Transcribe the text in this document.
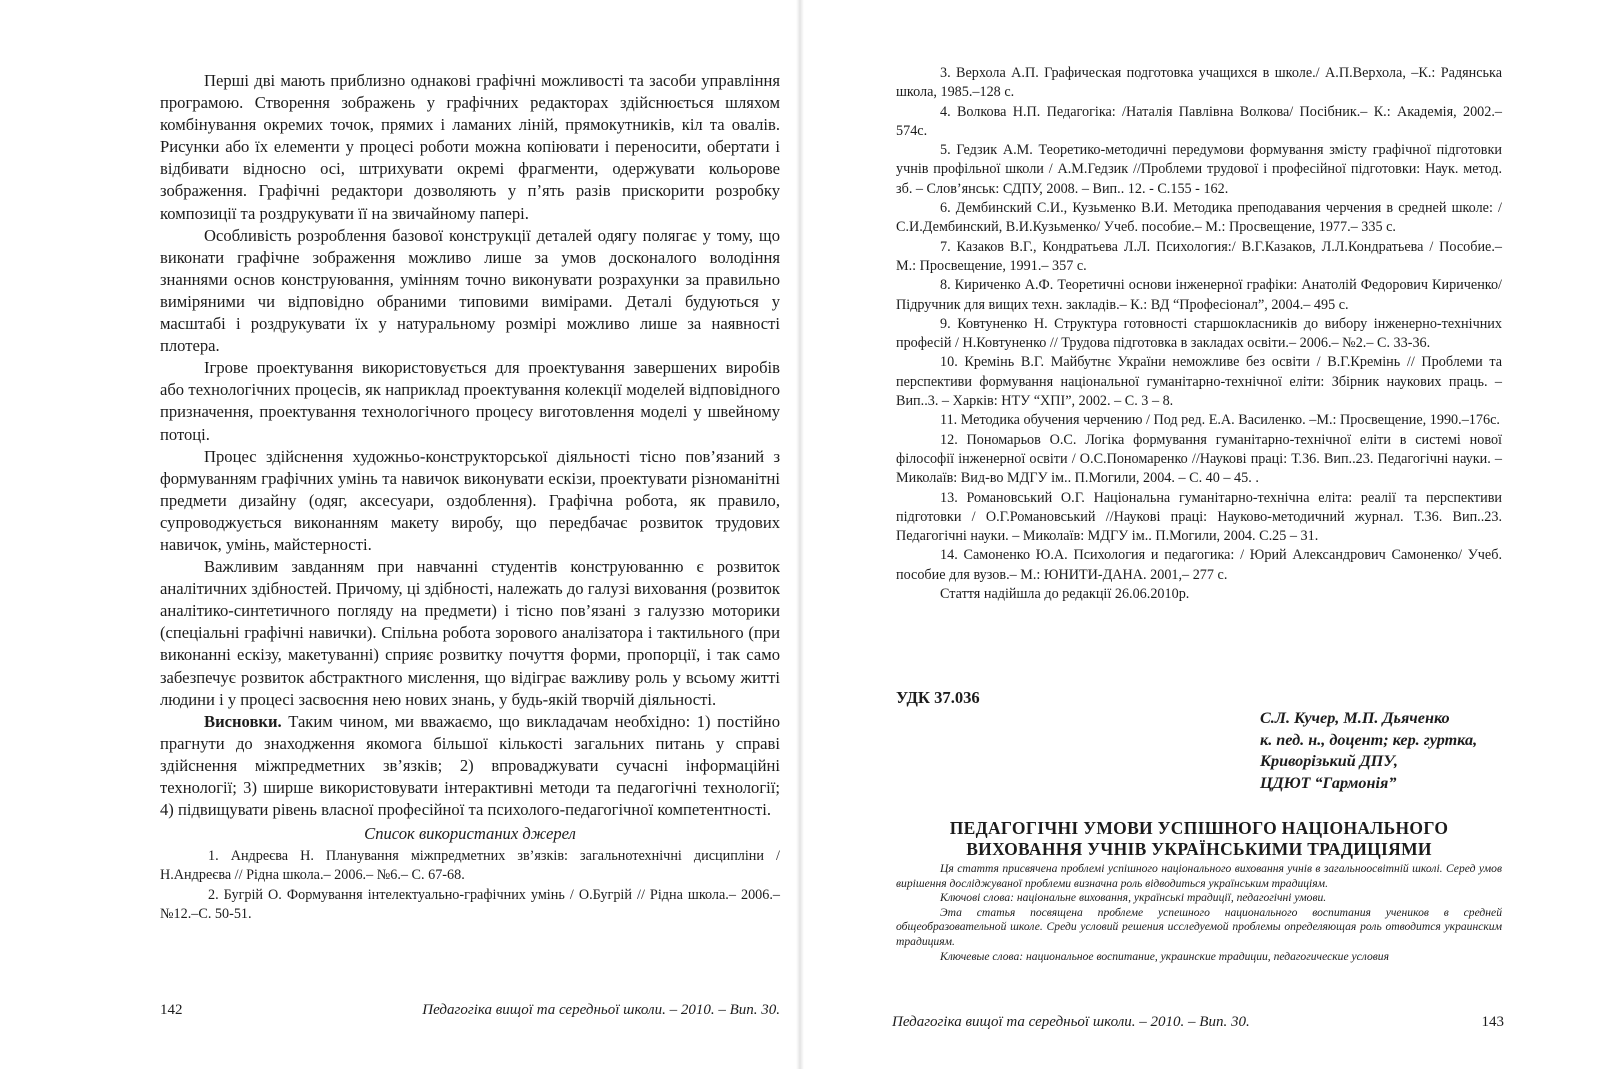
Перші дві мають приблизно однакові графічні можливості та засоби управління програмою. Створення зображень у графічних редакторах здійснюється шляхом комбінування окремих точок, прямих і ламаних ліній, прямокутників, кіл та овалів. Рисунки або їх елементи у процесі роботи можна копіювати і переносити, обертати і відбивати відносно осі, штрихувати окремі фрагменти, одержувати кольорове зображення. Графічні редактори дозволяють у п’ять разів прискорити розробку композиції та роздрукувати її на звичайному папері.

Особливість розроблення базової конструкції деталей одягу полягає у тому, що виконати графічне зображення можливо лише за умов досконалого володіння знаннями основ конструювання, умінням точно виконувати розрахунки за правильно виміряними чи відповідно обраними типовими вимірами. Деталі будуються у масштабі і роздрукувати їх у натуральному розмірі можливо лише за наявності плотера.

Ігрове проектування використовується для проектування завершених виробів або технологічних процесів, як наприклад проектування колекції моделей відповідного призначення, проектування технологічного процесу виготовлення моделі у швейному потоці.

Процес здійснення художньо-конструкторської діяльності тісно пов’язаний з формуванням графічних умінь та навичок виконувати ескізи, проектувати різноманітні предмети дизайну (одяг, аксесуари, оздоблення). Графічна робота, як правило, супроводжується виконанням макету виробу, що передбачає розвиток трудових навичок, умінь, майстерності.

Важливим завданням при навчанні студентів конструюванню є розвиток аналітичних здібностей. Причому, ці здібності, належать до галузі виховання (розвиток аналітико-синтетичного погляду на предмети) і тісно пов’язані з галуззю моторики (спеціальні графічні навички). Спільна робота зорового аналізатора і тактильного (при виконанні ескізу, макетуванні) сприяє розвитку почуття форми, пропорції, і так само забезпечує розвиток абстрактного мислення, що відіграє важливу роль у всьому житті людини і у процесі засвоєння нею нових знань, у будь-якій творчій діяльності.

Висновки. Таким чином, ми вважаємо, що викладачам необхідно: 1) постійно прагнути до знаходження якомога більшої кількості загальних питань у справі здійснення міжпредметних зв’язків; 2) впроваджувати сучасні інформаційні технології; 3) ширше використовувати інтерактивні методи та педагогічні технології; 4) підвищувати рівень власної професійної та психолого-педагогічної компетентності.

Список використаних джерел

1. Андреєва Н. Планування міжпредметних зв’язків: загальнотехнічні дисципліни / Н.Андреєва // Рідна школа.– 2006.– №6.– С. 67-68.

2. Бугрій О. Формування інтелектуально-графічних умінь / О.Бугрій // Рідна школа.– 2006.– №12.–С. 50-51.

142	Педагогіка вищої та середньої школи. – 2010. – Вип. 30.

3. Верхола А.П. Графическая подготовка учащихся в школе./ А.П.Верхола, –К.: Радянська школа, 1985.–128 с.

4. Волкова Н.П. Педагогіка: /Наталія Павлівна Волкова/ Посібник.– К.: Академія, 2002.– 574с.

5. Гедзик А.М. Теоретико-методичні передумови формування змісту графічної підготовки учнів профільної школи / А.М.Гедзик //Проблеми трудової і професійної підготовки: Наук. метод. зб. – Слов’янськ: СДПУ, 2008. – Вип.. 12. - С.155 - 162.

6. Дембинский С.И., Кузьменко В.И. Методика преподавания черчения в средней школе: / С.И.Дембинский, В.И.Кузьменко/ Учеб. пособие.– М.: Просвещение, 1977.– 335 с.

7. Казаков В.Г., Кондратьева Л.Л. Психология:/ В.Г.Казаков, Л.Л.Кондратьева / Пособие.– М.: Просвещение, 1991.– 357 с.

8. Кириченко А.Ф. Теоретичні основи інженерної графіки: Анатолій Федорович Кириченко/ Підручник для вищих техн. закладів.– К.: ВД “Професіонал”, 2004.– 495 с.

9. Ковтуненко Н. Структура готовності старшокласників до вибору інженерно-технічних професій / Н.Ковтуненко // Трудова підготовка в закладах освіти.– 2006.– №2.– С. 33-36.

10. Кремінь В.Г. Майбутнє України неможливе без освіти / В.Г.Кремінь // Проблеми та перспективи формування національної гуманітарно-технічної еліти: Збірник наукових праць. – Вип..3. – Харків: НТУ “ХПІ”, 2002. – С. 3 – 8.

11. Методика обучения черчению / Под ред. Е.А. Василенко. –М.: Просвещение, 1990.–176с.

12. Пономарьов О.С. Логіка формування гуманітарно-технічної еліти в системі нової філософії інженерної освіти / О.С.Пономаренко //Наукові праці: Т.36. Вип..23. Педагогічні науки. – Миколаїв: Вид-во МДГУ ім.. П.Могили, 2004. – С. 40 – 45. .

13. Романовський О.Г. Національна гуманітарно-технічна еліта: реалії та перспективи підготовки / О.Г.Романовський //Наукові праці: Науково-методичний журнал. Т.36. Вип..23. Педагогічні науки. – Миколаїв: МДГУ ім.. П.Могили, 2004. С.25 – 31.

14. Самоненко Ю.А. Психология и педагогика: / Юрий Александрович Самоненко/ Учеб. пособие для вузов.– М.: ЮНИТИ-ДАНА. 2001,– 277 с.

Стаття надійшла до редакції 26.06.2010р.

УДК 37.036
С.Л. Кучер, М.П. Дьяченко
к. пед. н., доцент; кер. гуртка,
Криворізький ДПУ,
ЦДЮТ “Гармонія”
ПЕДАГОГІЧНІ УМОВИ УСПІШНОГО НАЦІОНАЛЬНОГО
ВИХОВАННЯ УЧНІВ УКРАЇНСЬКИМИ ТРАДИЦІЯМИ

Ця стаття присвячена проблемі успішного національного виховання учнів в загальноосвітній школі. Серед умов вирішення досліджуваної проблеми визначна роль відводиться українським традиціям.

Ключові слова: національне виховання, українські традиції, педагогічні умови.

Эта статья посвящена проблеме успешного национального воспитания учеников в средней общеобразовательной школе. Среди условий решения исследуемой проблемы определяющая роль отводится украинским традициям.

Ключевые слова: национальное воспитание, украинские традиции, педагогические условия

Педагогіка вищої та середньої школи. – 2010. – Вип. 30.	143
